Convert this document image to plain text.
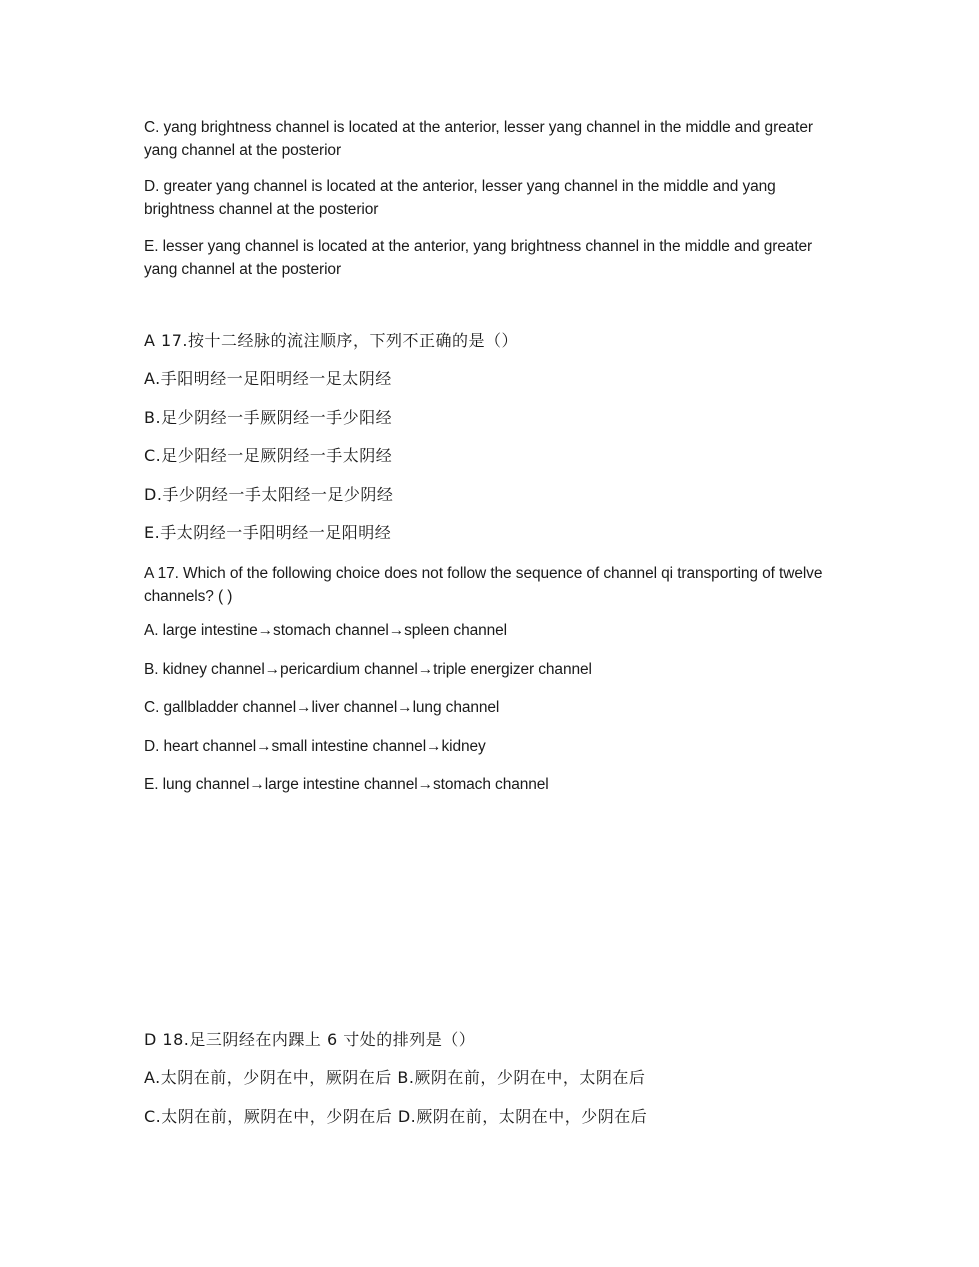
C. yang brightness channel is located at the anterior, lesser yang channel in the middle and greater yang channel at the posterior
D. greater yang channel is located at the anterior, lesser yang channel in the middle and yang brightness channel at the posterior
E. lesser yang channel is located at the anterior, yang brightness channel in the middle and greater yang channel at the posterior
A 17.按十二经脉的流注顺序，下列不正确的是（）
A.手阳明经一足阳明经一足太阴经
B.足少阴经一手厥阴经一手少阳经
C.足少阳经一足厥阴经一手太阴经
D.手少阴经一手太阳经一足少阴经
E.手太阴经一手阳明经一足阳明经
A 17. Which of the following choice does not follow the sequence of channel qi transporting of twelve channels? ( )
A. large intestine→stomach channel→spleen channel
B. kidney channel→pericardium channel→triple energizer channel
C. gallbladder channel→liver channel→lung channel
D. heart channel→small intestine channel→kidney
E. lung channel→large intestine channel→stomach channel
D 18.足三阴经在内踝上 6 寸处的排列是（）
A.太阴在前，少阴在中，厥阴在后 B.厥阴在前，少阴在中，太阴在后
C.太阴在前，厥阴在中，少阴在后 D.厥阴在前，太阴在中，少阴在后
